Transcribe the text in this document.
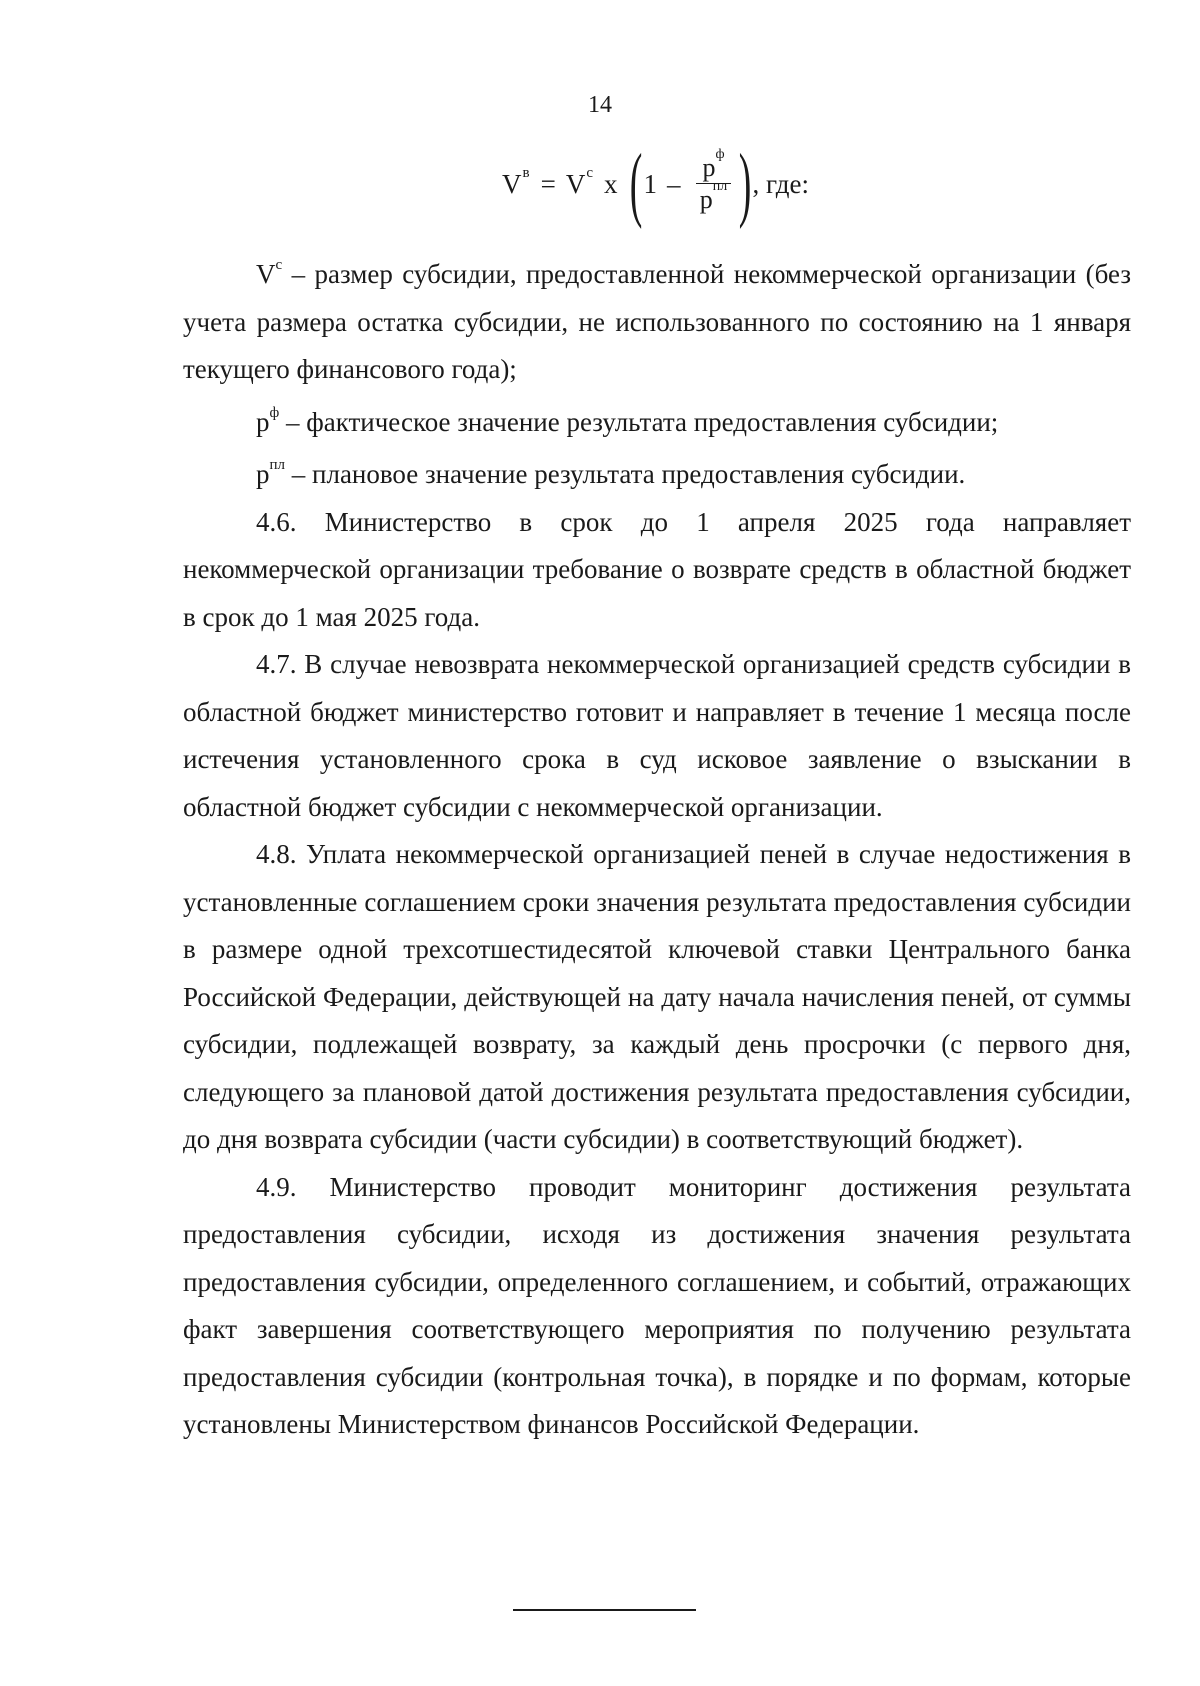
14
$V^в = V^с$ x ( $1 - \frac{p^ф}{p^{пл}}$ ) , где:

$V^с$ – размер субсидии, предоставленной некоммерческой организации (без учета размера остатка субсидии, не использованного по состоянию на 1 января текущего финансового года);

$р^ф$ – фактическое значение результата предоставления субсидии;

$р^{пл}$ – плановое значение результата предоставления субсидии.

4.6. Министерство в срок до 1 апреля 2025 года направляет некоммерческой организации требование о возврате средств в областной бюджет в срок до 1 мая 2025 года.

4.7. В случае невозврата некоммерческой организацией средств субсидии в областной бюджет министерство готовит и направляет в течение 1 месяца после истечения установленного срока в суд исковое заявление о взыскании в областной бюджет субсидии с некоммерческой организации.

4.8. Уплата некоммерческой организацией пеней в случае недостижения в установленные соглашением сроки значения результата предоставления субсидии в размере одной трехсотшестидесятой ключевой ставки Центрального банка Российской Федерации, действующей на дату начала начисления пеней, от суммы субсидии, подлежащей возврату, за каждый день просрочки (с первого дня, следующего за плановой датой достижения результата предоставления субсидии, до дня возврата субсидии (части субсидии) в соответствующий бюджет).

4.9. Министерство проводит мониторинг достижения результата предоставления субсидии, исходя из достижения значения результата предоставления субсидии, определенного соглашением, и событий, отражающих факт завершения соответствующего мероприятия по получению результата предоставления субсидии (контрольная точка), в порядке и по формам, которые установлены Министерством финансов Российской Федерации.
